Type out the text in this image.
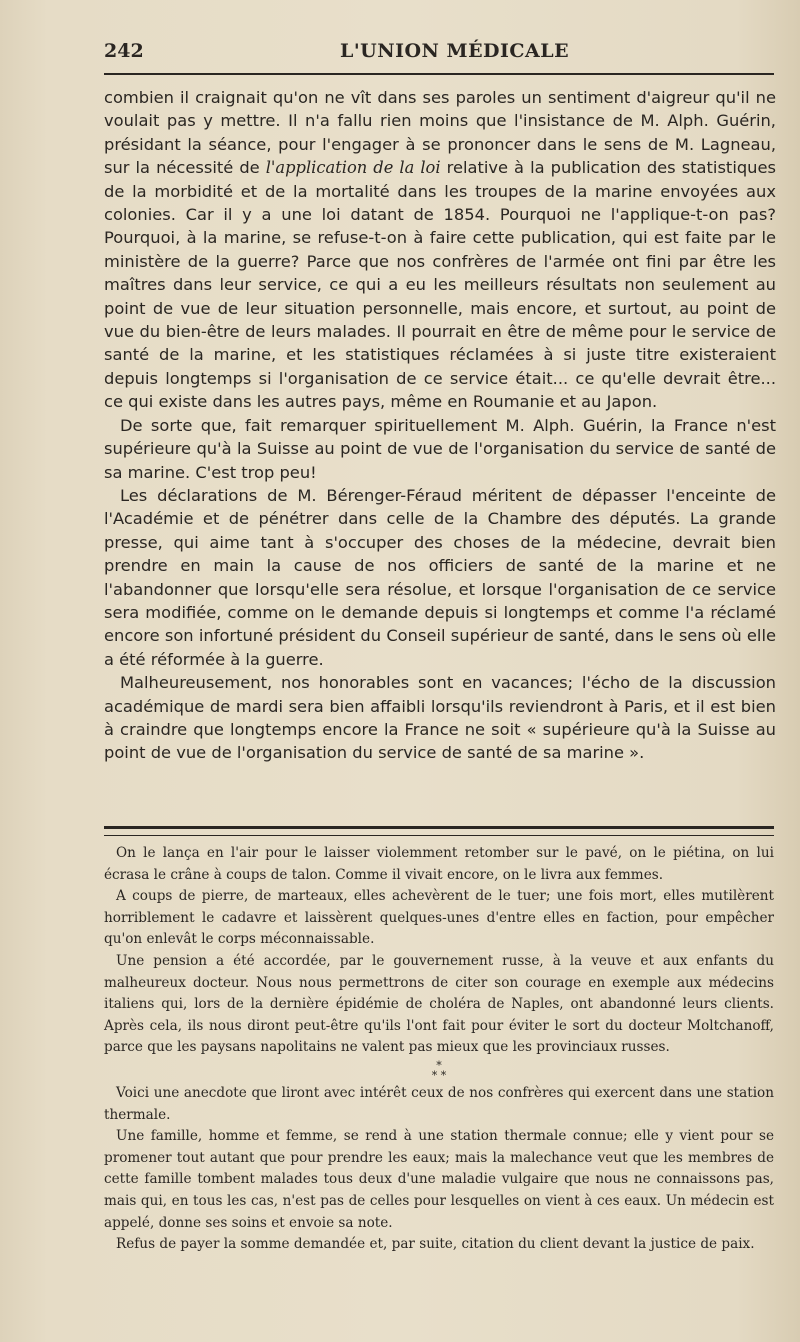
242	L'UNION MÉDICALE

combien il craignait qu'on ne vît dans ses paroles un sentiment d'aigreur qu'il ne voulait pas y mettre. Il n'a fallu rien moins que l'insistance de M. Alph. Guérin, présidant la séance, pour l'engager à se prononcer dans le sens de M. Lagneau, sur la nécessité de l'application de la loi relative à la publication des statistiques de la morbidité et de la mortalité dans les troupes de la marine envoyées aux colonies. Car il y a une loi datant de 1854. Pourquoi ne l'applique-t-on pas? Pourquoi, à la marine, se refuse-t-on à faire cette publication, qui est faite par le ministère de la guerre? Parce que nos confrères de l'armée ont fini par être les maîtres dans leur service, ce qui a eu les meilleurs résultats non seulement au point de vue de leur situation personnelle, mais encore, et surtout, au point de vue du bien-être de leurs malades. Il pourrait en être de même pour le service de santé de la marine, et les statistiques réclamées à si juste titre existeraient depuis longtemps si l'organisation de ce service était... ce qu'elle devrait être... ce qui existe dans les autres pays, même en Roumanie et au Japon.

De sorte que, fait remarquer spirituellement M. Alph. Guérin, la France n'est supérieure qu'à la Suisse au point de vue de l'organisation du service de santé de sa marine. C'est trop peu!

Les déclarations de M. Bérenger-Féraud méritent de dépasser l'enceinte de l'Académie et de pénétrer dans celle de la Chambre des députés. La grande presse, qui aime tant à s'occuper des choses de la médecine, devrait bien prendre en main la cause de nos officiers de santé de la marine et ne l'abandonner que lorsqu'elle sera résolue, et lorsque l'organisation de ce service sera modifiée, comme on le demande depuis si longtemps et comme l'a réclamé encore son infortuné président du Conseil supérieur de santé, dans le sens où elle a été réformée à la guerre.

Malheureusement, nos honorables sont en vacances; l'écho de la discussion académique de mardi sera bien affaibli lorsqu'ils reviendront à Paris, et il est bien à craindre que longtemps encore la France ne soit « supérieure qu'à la Suisse au point de vue de l'organisation du service de santé de sa marine ».

On le lança en l'air pour le laisser violemment retomber sur le pavé, on le piétina, on lui écrasa le crâne à coups de talon. Comme il vivait encore, on le livra aux femmes.

A coups de pierre, de marteaux, elles achevèrent de le tuer; une fois mort, elles mutilèrent horriblement le cadavre et laissèrent quelques-unes d'entre elles en faction, pour empêcher qu'on enlevât le corps méconnaissable.

Une pension a été accordée, par le gouvernement russe, à la veuve et aux enfants du malheureux docteur. Nous nous permettrons de citer son courage en exemple aux médecins italiens qui, lors de la dernière épidémie de choléra de Naples, ont abandonné leurs clients. Après cela, ils nous diront peut-être qu'ils l'ont fait pour éviter le sort du docteur Moltchanoff, parce que les paysans napolitains ne valent pas mieux que les provinciaux russes.

*
* *

Voici une anecdote que liront avec intérêt ceux de nos confrères qui exercent dans une station thermale.

Une famille, homme et femme, se rend à une station thermale connue; elle y vient pour se promener tout autant que pour prendre les eaux; mais la malechance veut que les membres de cette famille tombent malades tous deux d'une maladie vulgaire que nous ne connaissons pas, mais qui, en tous les cas, n'est pas de celles pour lesquelles on vient à ces eaux. Un médecin est appelé, donne ses soins et envoie sa note.

Refus de payer la somme demandée et, par suite, citation du client devant la justice de paix.
